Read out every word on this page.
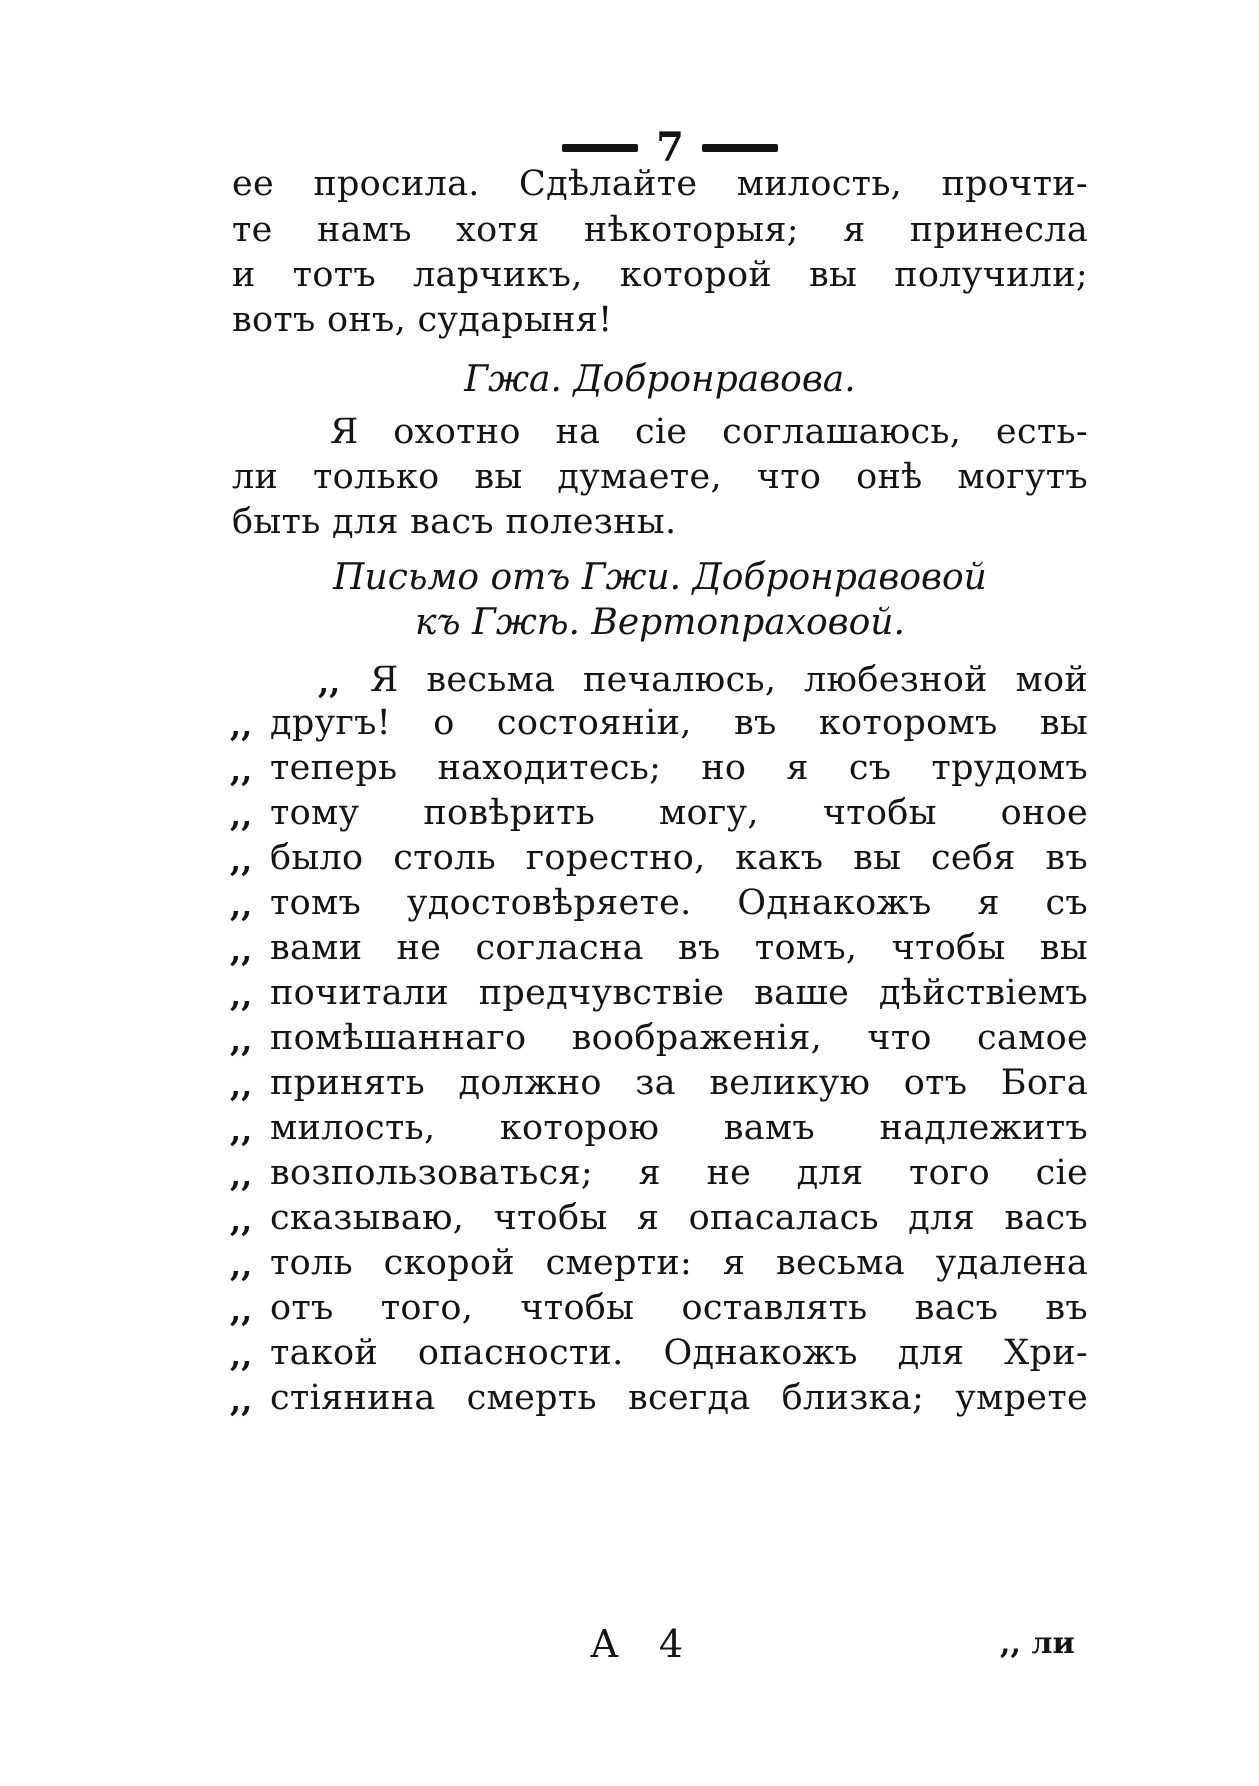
7
ее просила. Сдѣлайте милость, прочти-
те намъ хотя нѣкоторыя; я принесла
и тотъ ларчикъ, которой вы получили;
вотъ онъ, сударыня!
Гжа. Добронравова.
Я охотно на сіе соглашаюсь, есть-
ли только вы думаете, что онѣ могутъ
быть для васъ полезны.
Письмо отъ Гжи. Добронравовой
къ Гжѣ. Вертопраховой.
,, Я весьма печалюсь, любезной мой
,, другъ! о состояніи, въ которомъ вы
,, теперь находитесь; но я съ трудомъ
,, тому повѣрить могу, чтобы оное
,, было столь горестно, какъ вы себя въ
,, томъ удостовѣряете. Однакожъ я съ
,, вами не согласна въ томъ, чтобы вы
,, почитали предчувствіе ваше дѣйствіемъ
,, помѣшаннаго воображенія, что самое
,, принять должно за великую отъ Бога
,, милость, которою вамъ надлежитъ
,, возпользоваться; я не для того сіе
,, сказываю, чтобы я опасалась для васъ
,, толь скорой смерти: я весьма удалена
,, отъ того, чтобы оставлять васъ въ
,, такой опасности. Однакожъ для Хри-
,, стіянина смерть всегда близка; умрете
А 4	,, ли
